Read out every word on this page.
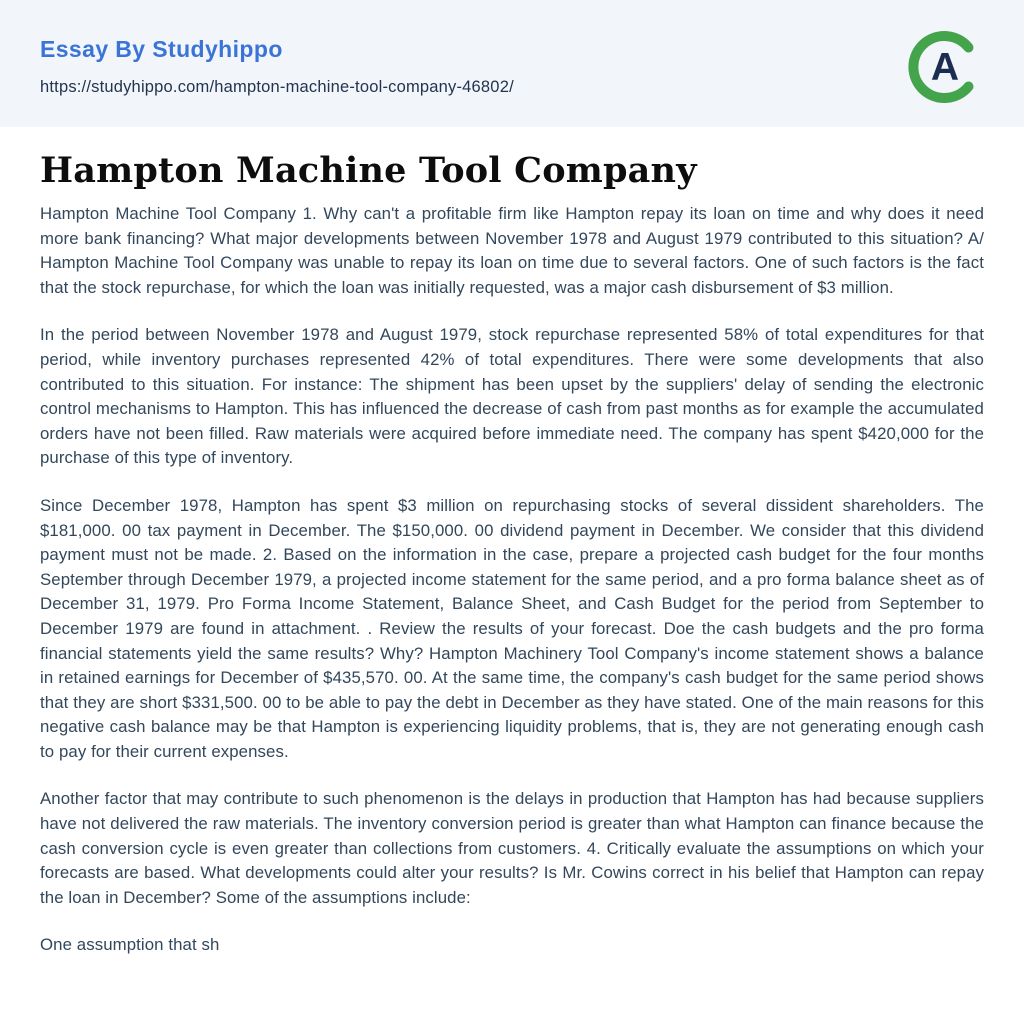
Essay By Studyhippo
https://studyhippo.com/hampton-machine-tool-company-46802/	A
Hampton Machine Tool Company

Hampton Machine Tool Company 1. Why can't a profitable firm like Hampton repay its loan on time and why does it need more bank financing? What major developments between November 1978 and August 1979 contributed to this situation? A/ Hampton Machine Tool Company was unable to repay its loan on time due to several factors. One of such factors is the fact that the stock repurchase, for which the loan was initially requested, was a major cash disbursement of $3 million.

In the period between November 1978 and August 1979, stock repurchase represented 58% of total expenditures for that period, while inventory purchases represented 42% of total expenditures. There were some developments that also contributed to this situation. For instance: The shipment has been upset by the suppliers' delay of sending the electronic control mechanisms to Hampton. This has influenced the decrease of cash from past months as for example the accumulated orders have not been filled. Raw materials were acquired before immediate need. The company has spent $420,000 for the purchase of this type of inventory.

Since December 1978, Hampton has spent $3 million on repurchasing stocks of several dissident shareholders. The $181,000. 00 tax payment in December. The $150,000. 00 dividend payment in December. We consider that this dividend payment must not be made. 2. Based on the information in the case, prepare a projected cash budget for the four months September through December 1979, a projected income statement for the same period, and a pro forma balance sheet as of December 31, 1979. Pro Forma Income Statement, Balance Sheet, and Cash Budget for the period from September to December 1979 are found in attachment. . Review the results of your forecast. Doe the cash budgets and the pro forma financial statements yield the same results? Why? Hampton Machinery Tool Company's income statement shows a balance in retained earnings for December of $435,570. 00. At the same time, the company's cash budget for the same period shows that they are short $331,500. 00 to be able to pay the debt in December as they have stated. One of the main reasons for this negative cash balance may be that Hampton is experiencing liquidity problems, that is, they are not generating enough cash to pay for their current expenses.

Another factor that may contribute to such phenomenon is the delays in production that Hampton has had because suppliers have not delivered the raw materials. The inventory conversion period is greater than what Hampton can finance because the cash conversion cycle is even greater than collections from customers. 4. Critically evaluate the assumptions on which your forecasts are based. What developments could alter your results? Is Mr. Cowins correct in his belief that Hampton can repay the loan in December? Some of the assumptions include:

One assumption that sh
